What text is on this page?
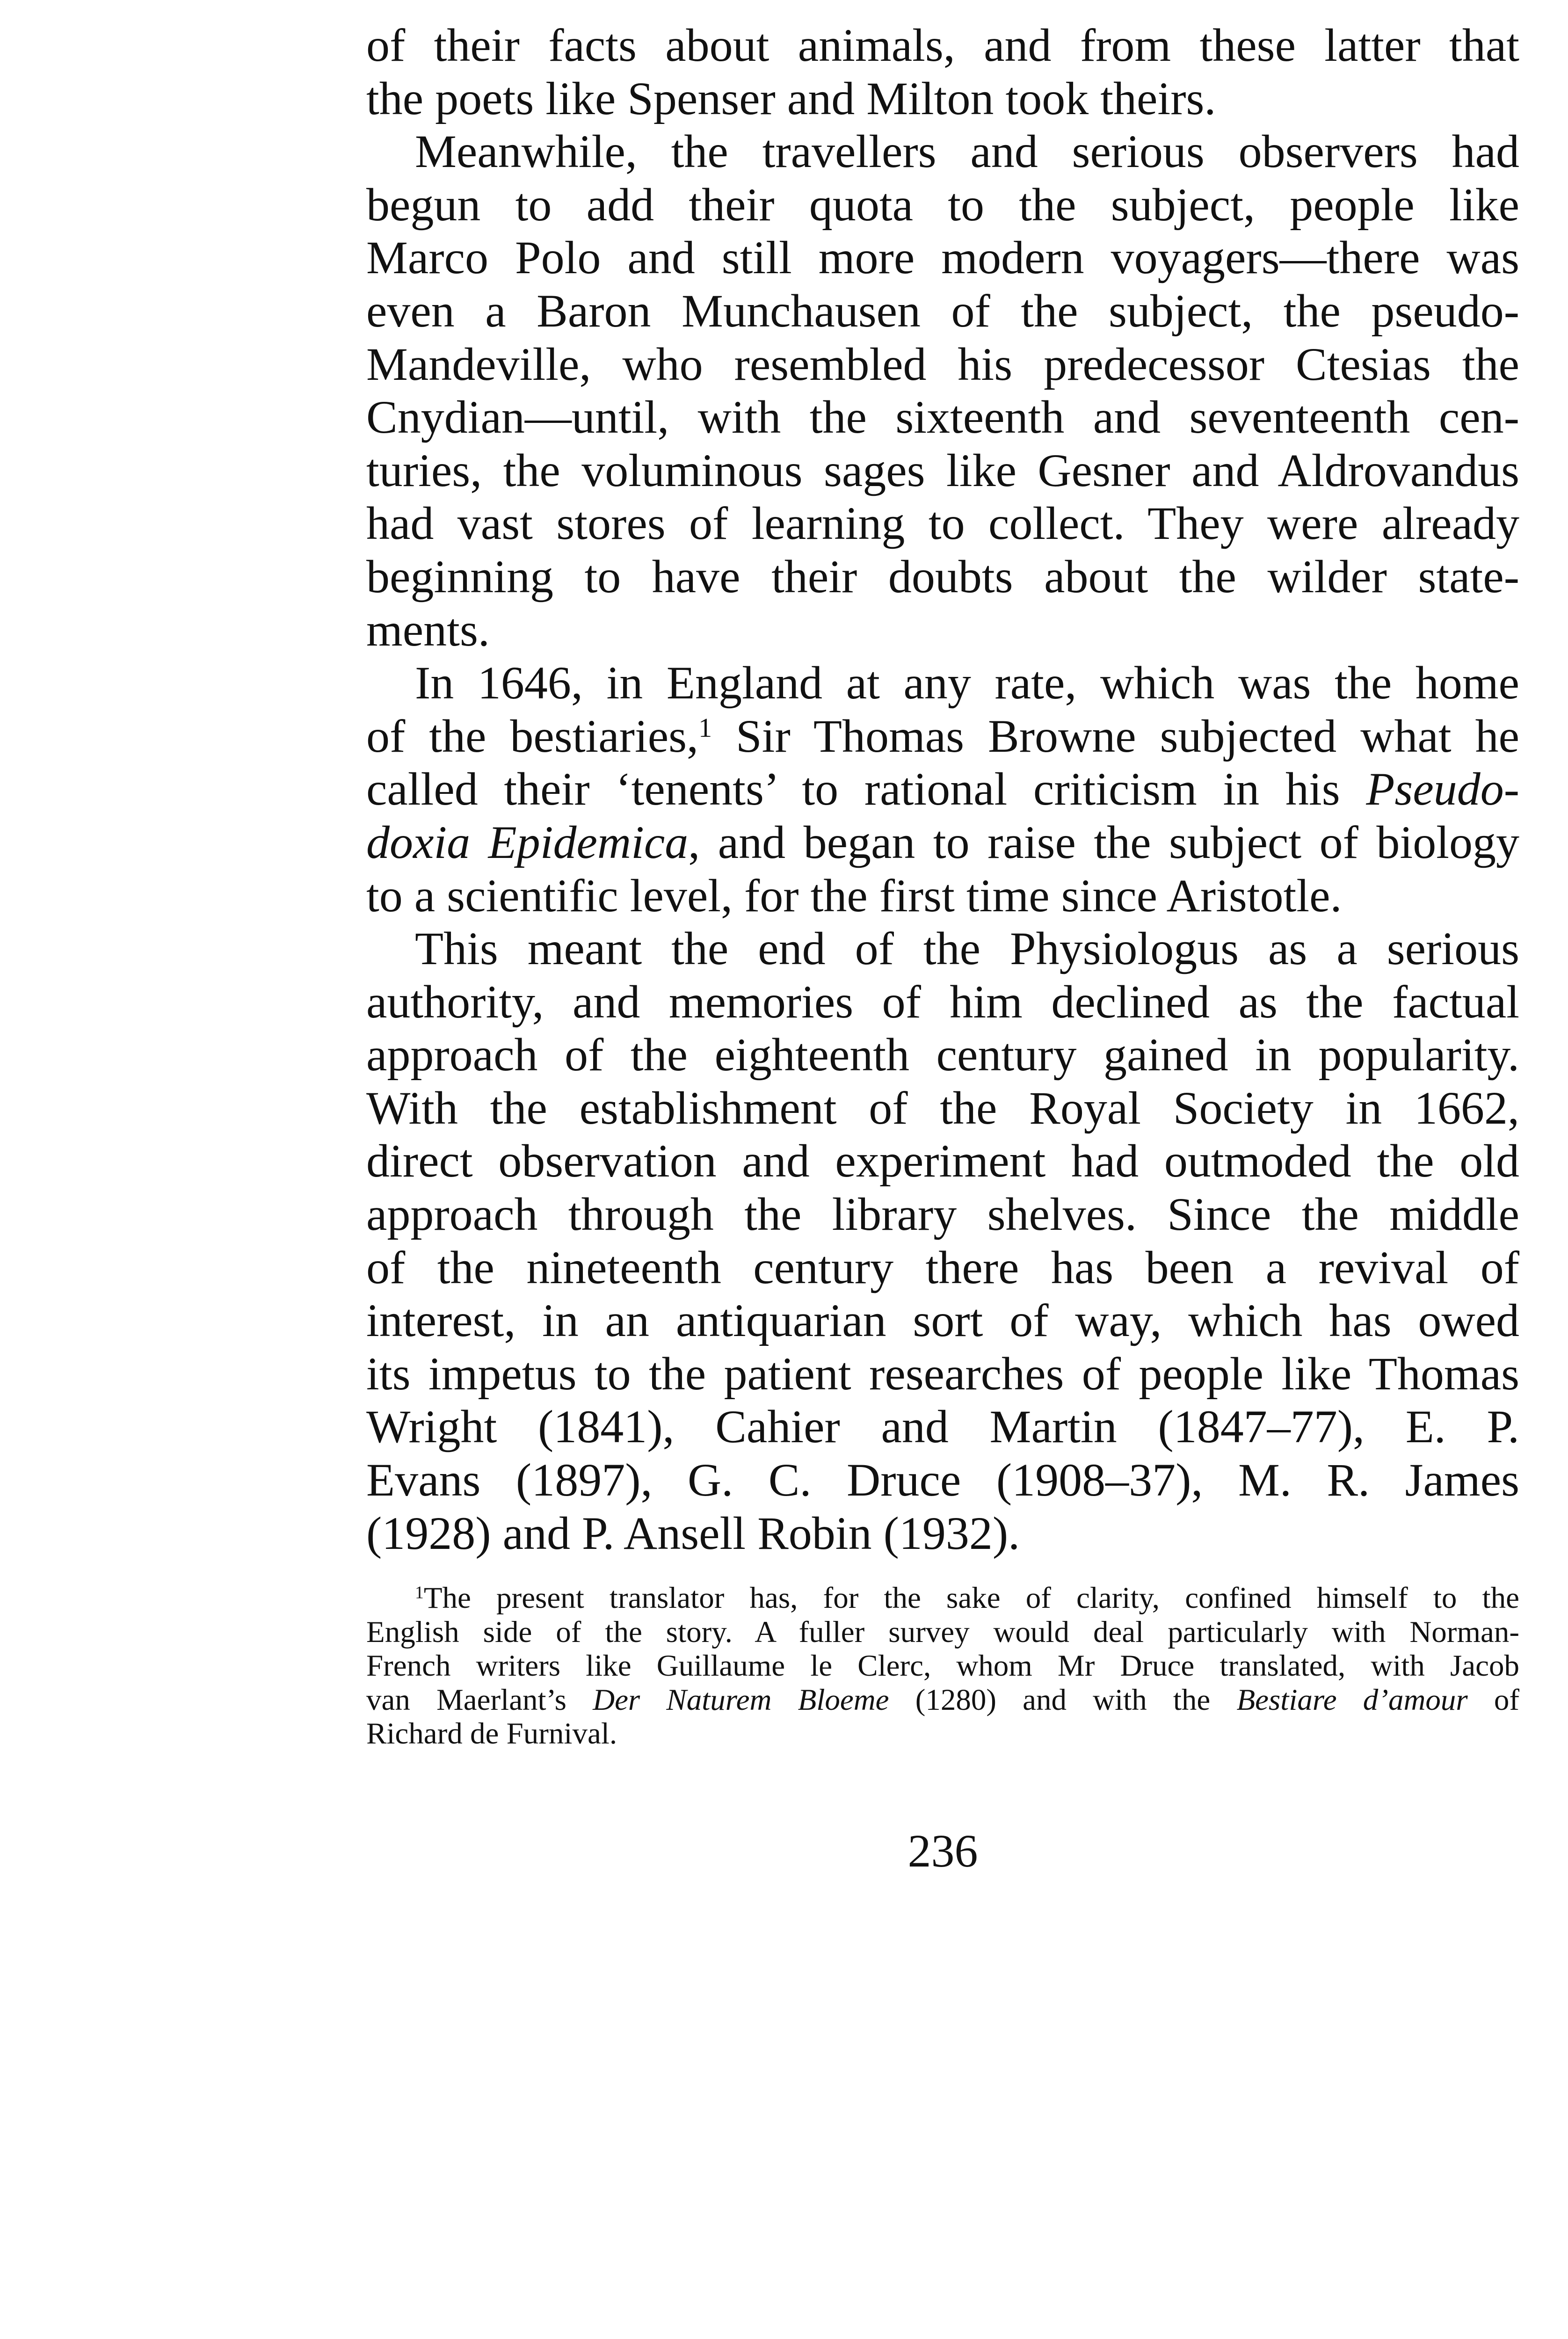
of their facts about animals, and from these latter that
the poets like Spenser and Milton took theirs.

Meanwhile, the travellers and serious observers had
begun to add their quota to the subject, people like
Marco Polo and still more modern voyagers—there was
even a Baron Munchausen of the subject, the pseudo-
Mandeville, who resembled his predecessor Ctesias the
Cnydian—until, with the sixteenth and seventeenth cen-
turies, the voluminous sages like Gesner and Aldrovandus
had vast stores of learning to collect. They were already
beginning to have their doubts about the wilder state-
ments.

In 1646, in England at any rate, which was the home
of the bestiaries,$^1$ Sir Thomas Browne subjected what he
called their ‘tenents’ to rational criticism in his Pseudo-
doxia Epidemica, and began to raise the subject of biology
to a scientific level, for the first time since Aristotle.

This meant the end of the Physiologus as a serious
authority, and memories of him declined as the factual
approach of the eighteenth century gained in popularity.
With the establishment of the Royal Society in 1662,
direct observation and experiment had outmoded the old
approach through the library shelves. Since the middle
of the nineteenth century there has been a revival of
interest, in an antiquarian sort of way, which has owed
its impetus to the patient researches of people like Thomas
Wright (1841), Cahier and Martin (1847–77), E. P.
Evans (1897), G. C. Druce (1908–37), M. R. James
(1928) and P. Ansell Robin (1932).

$^1$The present translator has, for the sake of clarity, confined himself to the
English side of the story. A fuller survey would deal particularly with Norman-
French writers like Guillaume le Clerc, whom Mr Druce translated, with Jacob
van Maerlant’s Der Naturem Bloeme (1280) and with the Bestiare d’amour of
Richard de Furnival.
236
